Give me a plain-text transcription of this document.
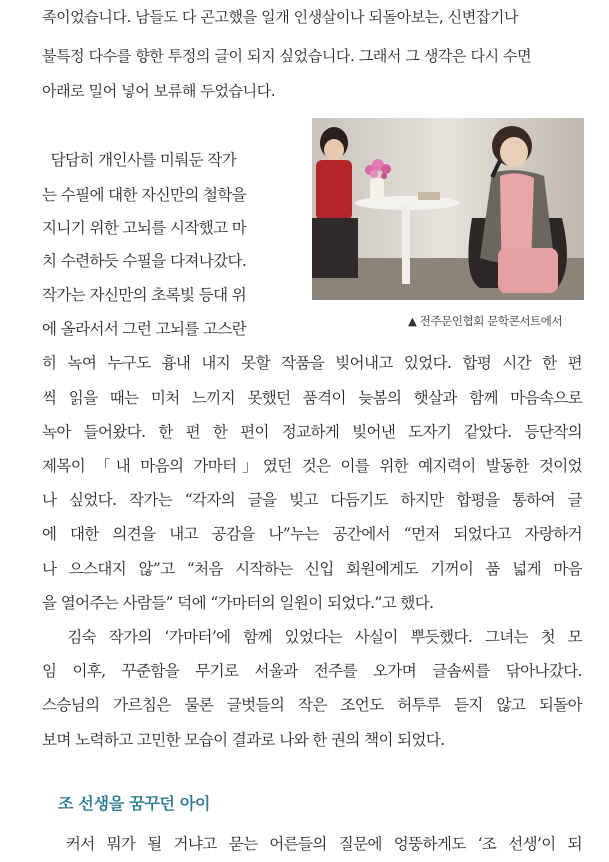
족이었습니다. 남들도 다 곤고했을 일개 인생살이나 되돌아보는, 신변잡기나
불특정 다수를 향한 투정의 글이 되지 싶었습니다. 그래서 그 생각은 다시 수면
아래로 밀어 넣어 보류해 두었습니다.
담담히 개인사를 미뤄둔 작가
는 수필에 대한 자신만의 철학을
지니기 위한 고뇌를 시작했고 마
치 수련하듯 수필을 다져나갔다.
작가는 자신만의 초록빛 등대 위
에 올라서서 그런 고뇌를 고스란	▲ 전주문인협회 문학콘서트에서
히 녹여 누구도 흉내 내지 못할 작품을 빚어내고 있었다. 합평 시간 한 편
씩 읽을 때는 미처 느끼지 못했던 품격이 늦봄의 햇살과 함께 마음속으로
녹아 들어왔다. 한 편 한 편이 정교하게 빚어낸 도자기 같았다. 등단작의
제목이 「내 마음의 가마터」였던 것은 이를 위한 예지력이 발동한 것이었
나 싶었다. 작가는 “각자의 글을 빚고 다듬기도 하지만 합평을 통하여 글
에 대한 의견을 내고 공감을 나”누는 공간에서 “먼저 되었다고 자랑하거
나 으스대지 않”고 “처음 시작하는 신입 회원에게도 기꺼이 품 넓게 마음
을 열어주는 사람들” 덕에 “가마터의 일원이 되었다.”고 했다.
김숙 작가의 ‘가마터’에 함께 있었다는 사실이 뿌듯했다. 그녀는 첫 모
임 이후, 꾸준함을 무기로 서울과 전주를 오가며 글솜씨를 닦아나갔다.
스승님의 가르침은 물론 글벗들의 작은 조언도 허투루 듣지 않고 되돌아
보며 노력하고 고민한 모습이 결과로 나와 한 권의 책이 되었다.
조 선생을 꿈꾸던 아이
커서 뭐가 될 거냐고 묻는 어른들의 질문에 엉뚱하게도 ‘조 선생’이 되
